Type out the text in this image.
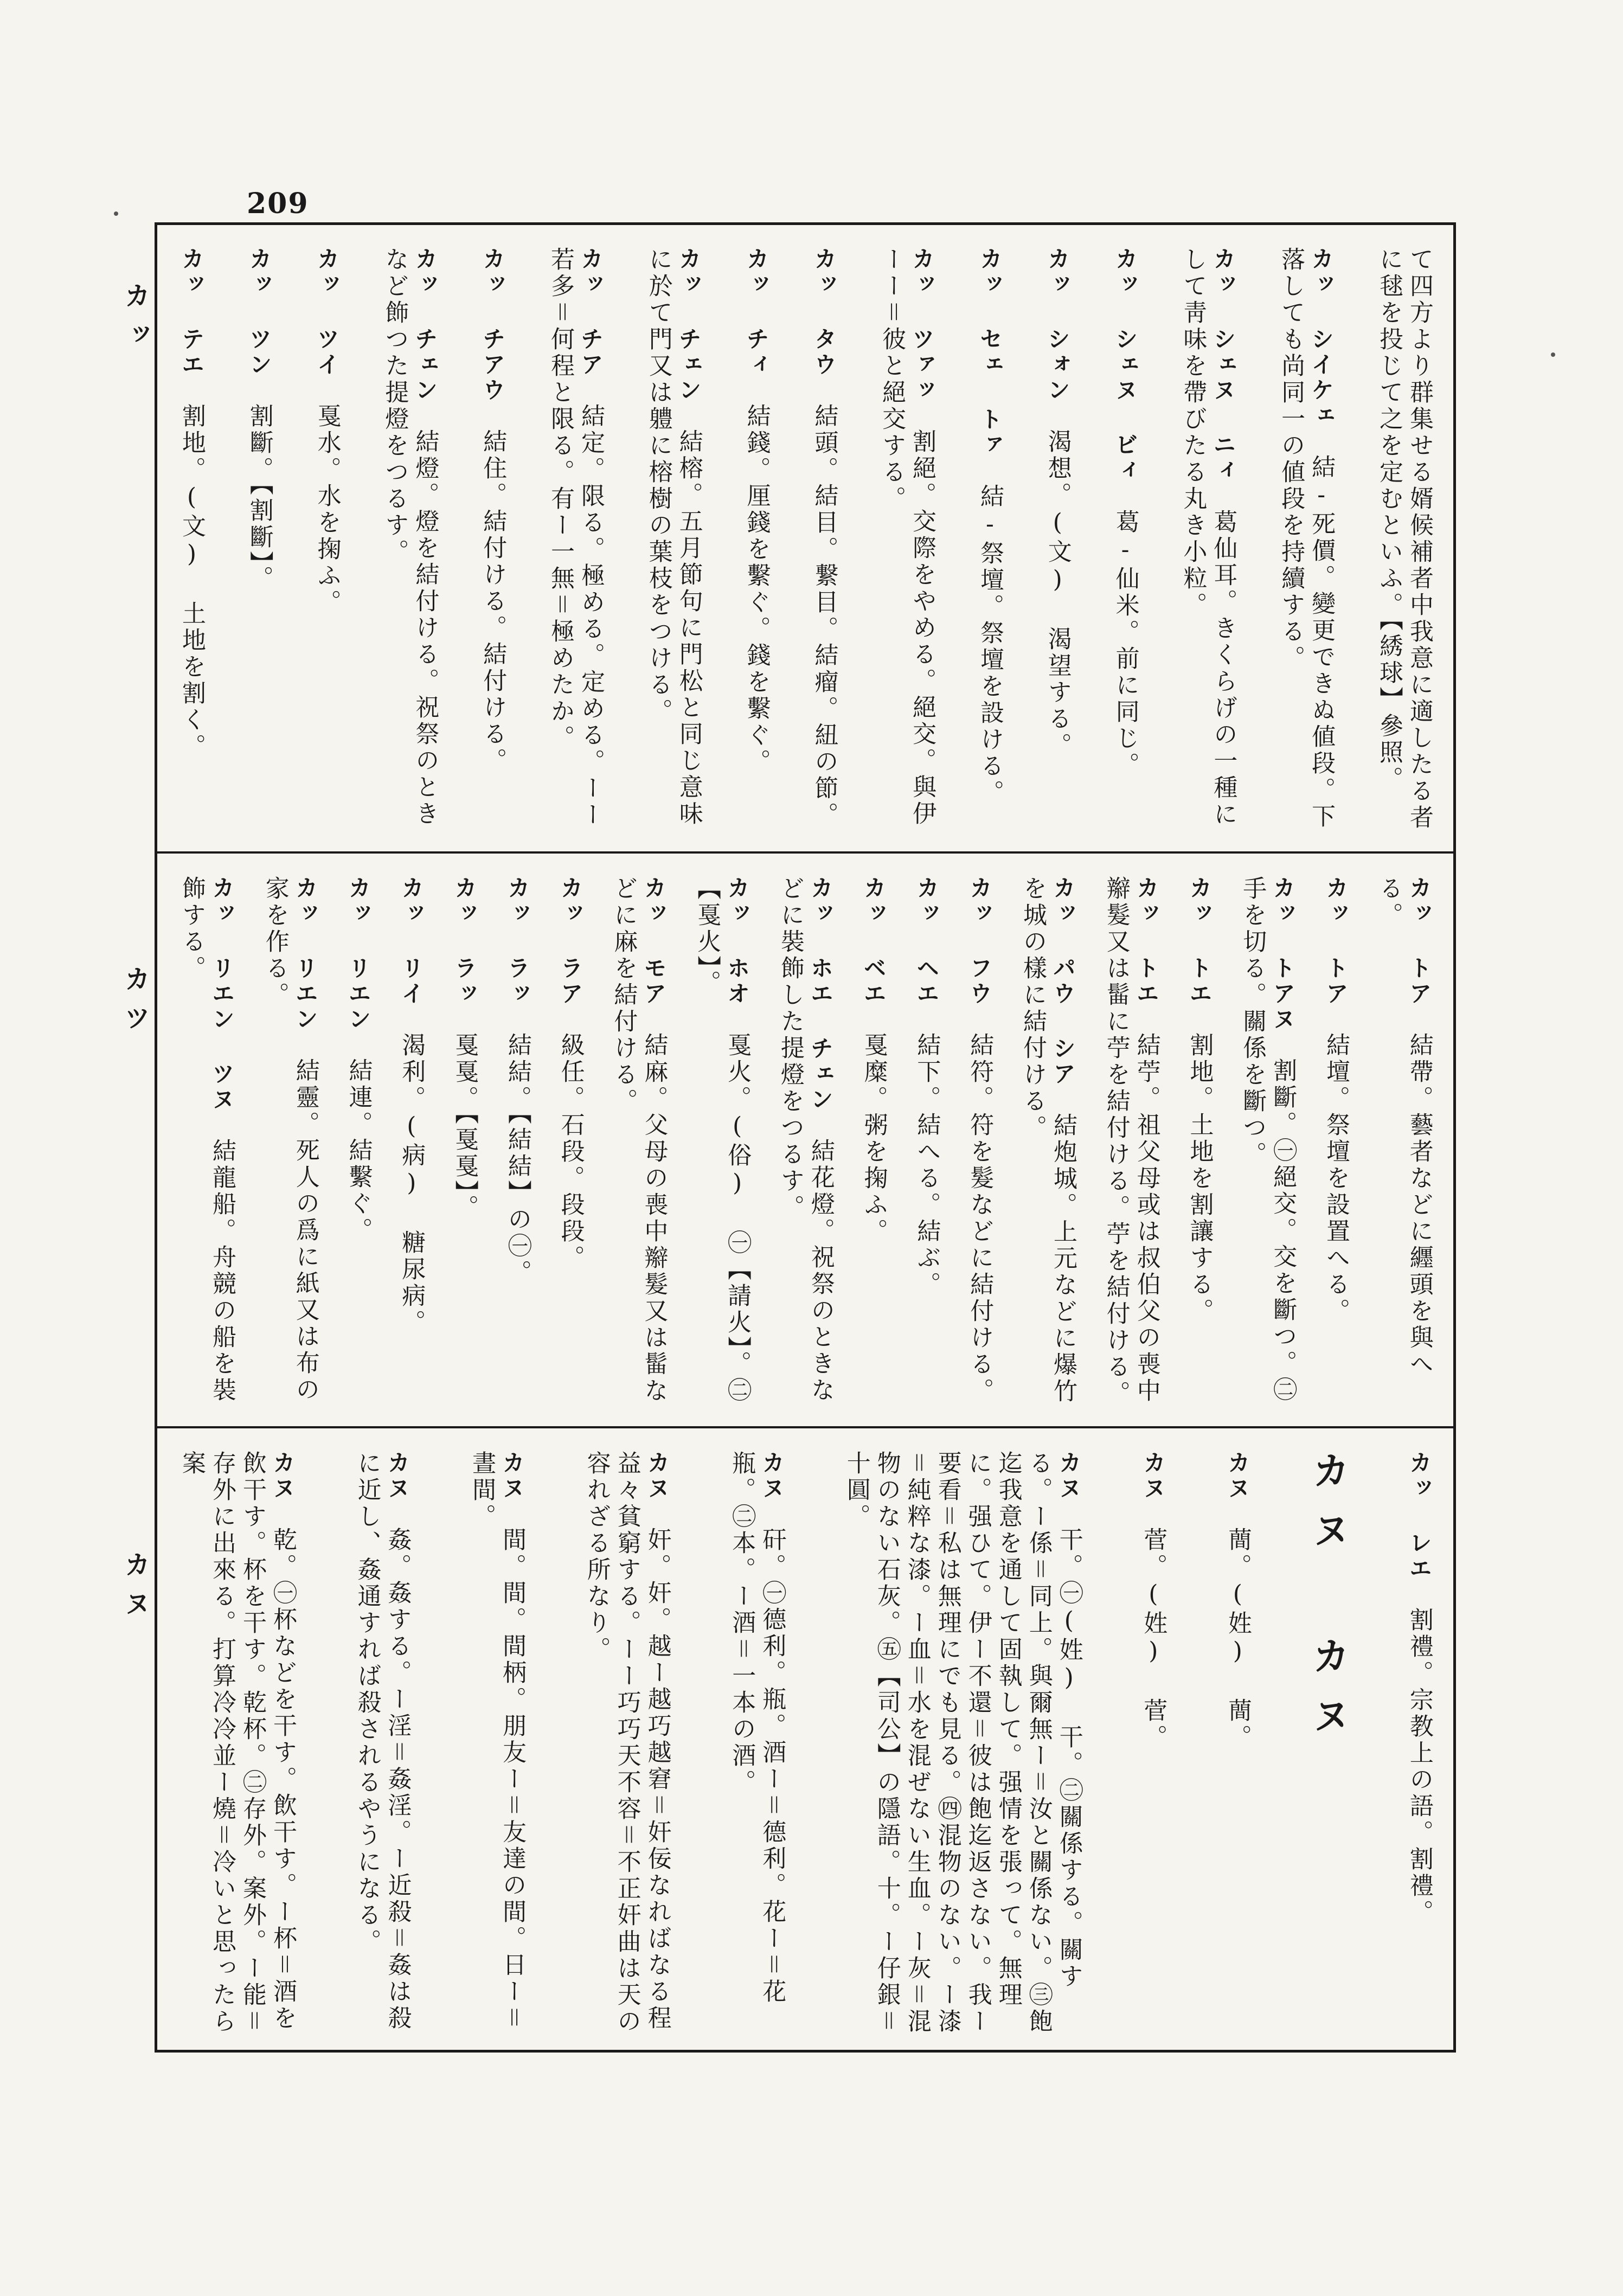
209
カッ
カツ
カヌ
て四方より群集せる婿候補者中我意に適したる者に毬を投じて之を定むといふ。【綉球】參照。
カッ シイケェ　結-死價。變更できぬ値段。下落しても尚同一の値段を持續する。
カッ シェヌ ニィ　葛仙耳。きくらげの一種にして靑味を帶びたる丸き小粒。
カッ シェヌ ビィ　葛-仙米。前に同じ。
カッ シォン　渴想。(文) 渴望する。
カッ セェ トァ　結-祭壇。祭壇を設ける。
カッ ツァッ　割絕。交際をやめる。絕交。與伊ーー＝彼と絕交する。
カッ タウ　結頭。結目。繋目。結瘤。紐の節。
カッ チィ　結錢。厘錢を繫ぐ。錢を繫ぐ。
カッ チェン　結榕。五月節句に門松と同じ意味に於て門又は軆に榕樹の葉枝をつける。
カッ チア　結定。限る。極める。定める。ーー若多＝何程と限る。有ー一無＝極めたか。
カッ チアウ　結住。結付ける。結付ける。
カッ チェン　結燈。燈を結付ける。祝祭のときなど飾つた提燈をつるす。
カッ ツイ　戛水。水を掬ふ。
カッ ツン　割斷。【割斷】。
カッ テエ　割地。(文) 土地を割く。
カッ トア　結帶。藝者などに纒頭を與へる。
カッ トア　結壇。祭壇を設置へる。
カッ トアヌ　割斷。㊀絕交。交を斷つ。㊁手を切る。關係を斷つ。
カッ トエ　割地。土地を割讓する。
カッ トエ　結苧。祖父母或は叔伯父の喪中辮髮又は髷に苧を結付ける。苧を結付ける。
カッ パウ シア　結炮城。上元などに爆竹を城の樣に結付ける。
カッ フウ　結符。符を髮などに結付ける。
カッ ヘエ　結下。結へる。結ぶ。
カッ ベエ　戛糜。粥を掬ふ。
カッ ホエ チェン　結花燈。祝祭のときなどに裝飾した提燈をつるす。
カッ ホオ　戛火。(俗) ㊀【請火】。㊁【戛火】。
カッ モア　結麻。父母の喪中辮髮又は髷などに麻を結付ける。
カッ ラア　級任。石段。段段。
カッ ラッ　結結。【結結】の㊀。
カッ ラッ　戛戛。【戛戛】。
カッ リイ　渴利。(病) 糖尿病。
カッ リエン　結連。結繫ぐ。
カッ リエン　結靈。死人の爲に紙又は布の家を作る。
カッ リエン ツヌ　結龍船。舟競の船を裝飾する。
カッ レエ　割禮。宗教上の語。割禮。
カヌ カヌ
カヌ　蕳。(姓) 蕳。
カヌ　菅。(姓) 菅。
カヌ　干。㊀(姓) 干。㊁關係する。關する。ー係＝同上。與爾無ー＝汝と關係ない。㊂飽迄我意を通して固執して。强情を張って。無理に。强ひて。伊ー不還＝彼は飽迄返さない。我ー要看＝私は無理にでも見る。㊃混物のない。ー漆＝純粹な漆。ー血＝水を混ぜない生血。ー灰＝混物のない石灰。㊄【司公】の隱語。十。ー仔銀＝十圓。
カヌ　矸。㊀德利。瓶。酒ー＝德利。花ー＝花瓶。㊁本。ー酒＝一本の酒。
カヌ　奸。奸。越ー越巧越窘＝奸佞なればなる程益々貧窮する。ーー巧巧天不容＝不正奸曲は天の容れざる所なり。
カヌ　間。間。間柄。朋友ー＝友達の間。日ー＝晝間。
カヌ　姦。姦する。ー淫＝姦淫。ー近殺＝姦は殺に近し、姦通すれば殺されるやうになる。
カヌ　乾。㊀杯などを干す。飲干す。ー杯＝酒を飲干す。杯を干す。乾杯。㊁存外。案外。ー能＝存外に出來る。打算冷冷並ー燒＝冷いと思ったら案
